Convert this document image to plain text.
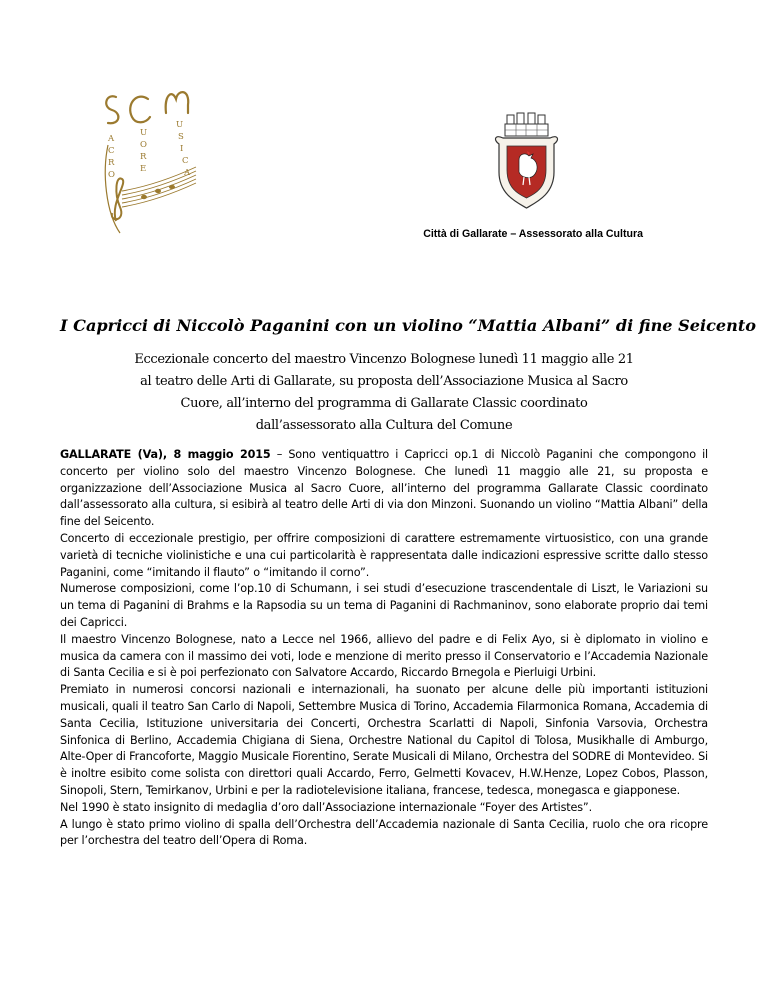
A
C
R
O
U
O
R
E
U
S
I
C
A
Città di Gallarate – Assessorato alla Cultura
I Capricci di Niccolò Paganini con un violino “Mattia Albani” di fine Seicento
Eccezionale concerto del maestro Vincenzo Bolognese lunedì 11 maggio alle 21 al teatro delle Arti di Gallarate, su proposta dell’Associazione Musica al Sacro Cuore, all’interno del programma di Gallarate Classic coordinato dall’assessorato alla Cultura del Comune

GALLARATE (Va), 8 maggio 2015 – Sono ventiquattro i Capricci op.1 di Niccolò Paganini che compongono il concerto per violino solo del maestro Vincenzo Bolognese. Che lunedì 11 maggio alle 21, su proposta e organizzazione dell’Associazione Musica al Sacro Cuore, all’interno del programma Gallarate Classic coordinato dall’assessorato alla cultura, si esibirà al teatro delle Arti di via don Minzoni. Suonando un violino “Mattia Albani” della fine del Seicento.

Concerto di eccezionale prestigio, per offrire composizioni di carattere estremamente virtuosistico, con una grande varietà di tecniche violinistiche e una cui particolarità è rappresentata dalle indicazioni espressive scritte dallo stesso Paganini, come “imitando il flauto” o “imitando il corno”.

Numerose composizioni, come l’op.10 di Schumann, i sei studi d’esecuzione trascendentale di Liszt, le Variazioni su un tema di Paganini di Brahms e la Rapsodia su un tema di Paganini di Rachmaninov, sono elaborate proprio dai temi dei Capricci.

Il maestro Vincenzo Bolognese, nato a Lecce nel 1966, allievo del padre e di Felix Ayo, si è diplomato in violino e musica da camera con il massimo dei voti, lode e menzione di merito presso il Conservatorio e l’Accademia Nazionale di Santa Cecilia e si è poi perfezionato con Salvatore Accardo, Riccardo Brnegola e Pierluigi Urbini.

Premiato in numerosi concorsi nazionali e internazionali, ha suonato per alcune delle più importanti istituzioni musicali, quali il teatro San Carlo di Napoli, Settembre Musica di Torino, Accademia Filarmonica Romana, Accademia di Santa Cecilia, Istituzione universitaria dei Concerti, Orchestra Scarlatti di Napoli, Sinfonia Varsovia, Orchestra Sinfonica di Berlino, Accademia Chigiana di Siena, Orchestre National du Capitol di Tolosa, Musikhalle di Amburgo, Alte-Oper di Francoforte, Maggio Musicale Fiorentino, Serate Musicali di Milano, Orchestra del SODRE di Montevideo. Si è inoltre esibito come solista con direttori quali Accardo, Ferro, Gelmetti Kovacev, H.W.Henze, Lopez Cobos, Plasson, Sinopoli, Stern, Temirkanov, Urbini e per la radiotelevisione italiana, francese, tedesca, monegasca e giapponese.

Nel 1990 è stato insignito di medaglia d’oro dall’Associazione internazionale “Foyer des Artistes”.

A lungo è stato primo violino di spalla dell’Orchestra dell’Accademia nazionale di Santa Cecilia, ruolo che ora ricopre per l’orchestra del teatro dell’Opera di Roma.
